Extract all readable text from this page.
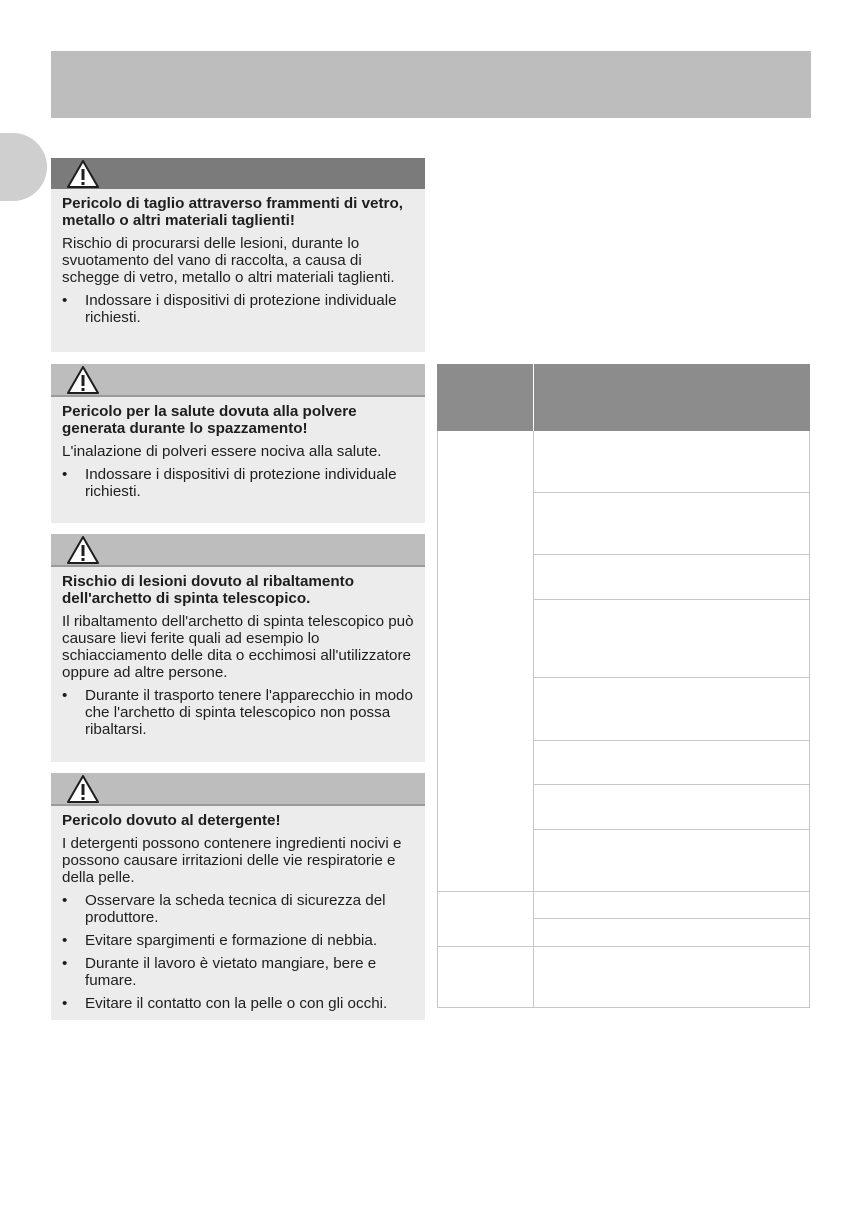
Pericolo di taglio attraverso frammenti di vetro, metallo o altri materiali taglienti!

Rischio di procurarsi delle lesioni, durante lo svuotamento del vano di raccolta, a causa di schegge di vetro, metallo o altri materiali taglienti.

• Indossare i dispositivi di protezione individuale richiesti.

Pericolo per la salute dovuta alla polvere generata durante lo spazzamento!

L'inalazione di polveri essere nociva alla salute.

• Indossare i dispositivi di protezione individuale richiesti.

Rischio di lesioni dovuto al ribaltamento dell'archetto di spinta telescopico.

Il ribaltamento dell'archetto di spinta telescopico può causare lievi ferite quali ad esempio lo schiacciamento delle dita o ecchimosi all'utilizzatore oppure ad altre persone.

• Durante il trasporto tenere l'apparecchio in modo che l'archetto di spinta telescopico non possa ribaltarsi.

Pericolo dovuto al detergente!

I detergenti possono contenere ingredienti nocivi e possono causare irritazioni delle vie respiratorie e della pelle.

• Osservare la scheda tecnica di sicurezza del produttore.
• Evitare spargimenti e formazione di nebbia.
• Durante il lavoro è vietato mangiare, bere e fumare.
• Evitare il contatto con la pelle o con gli occhi.
